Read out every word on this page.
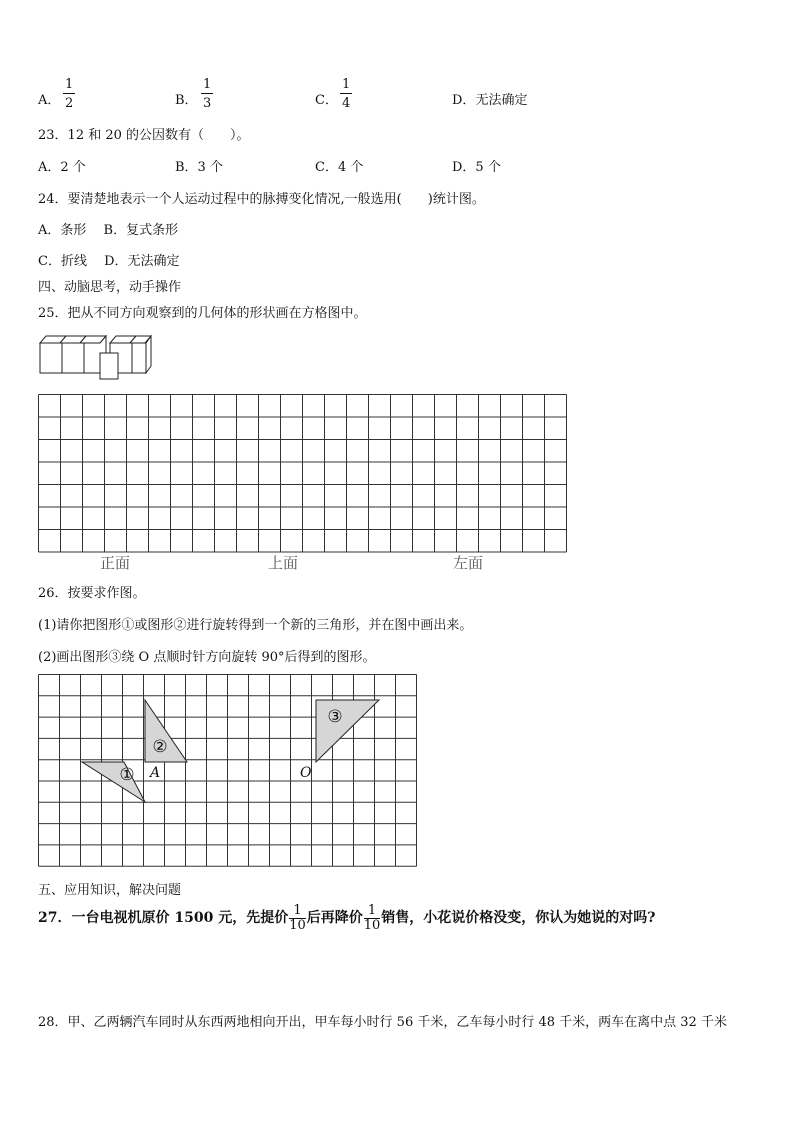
A． $\frac{1}{2}$	B． $\frac{1}{3}$	C． $\frac{1}{4}$	D．无法确定
23．12 和 20 的公因数有（　　）。
A．2 个	B．3 个	C．4 个	D．5 个
24．要清楚地表示一个人运动过程中的脉搏变化情况,一般选用(　　)统计图。
A．条形　 B．复式条形
C．折线　 D．无法确定
四、动脑思考，动手操作
25．把从不同方向观察到的几何体的形状画在方格图中。
正面	上面	左面
26．按要求作图。
(1)请你把图形①或图形②进行旋转得到一个新的三角形，并在图中画出来。
(2)画出图形③绕 O 点顺时针方向旋转 90°后得到的图形。
①
②
③
A	O
五、应用知识，解决问题
27．一台电视机原价 1500 元，先提价 $\frac{1}{10}$ 后再降价 $\frac{1}{10}$ 销售，小花说价格没变，你认为她说的对吗?
28．甲、乙两辆汽车同时从东西两地相向开出，甲车每小时行 56 千米，乙车每小时行 48 千米，两车在离中点 32 千米
